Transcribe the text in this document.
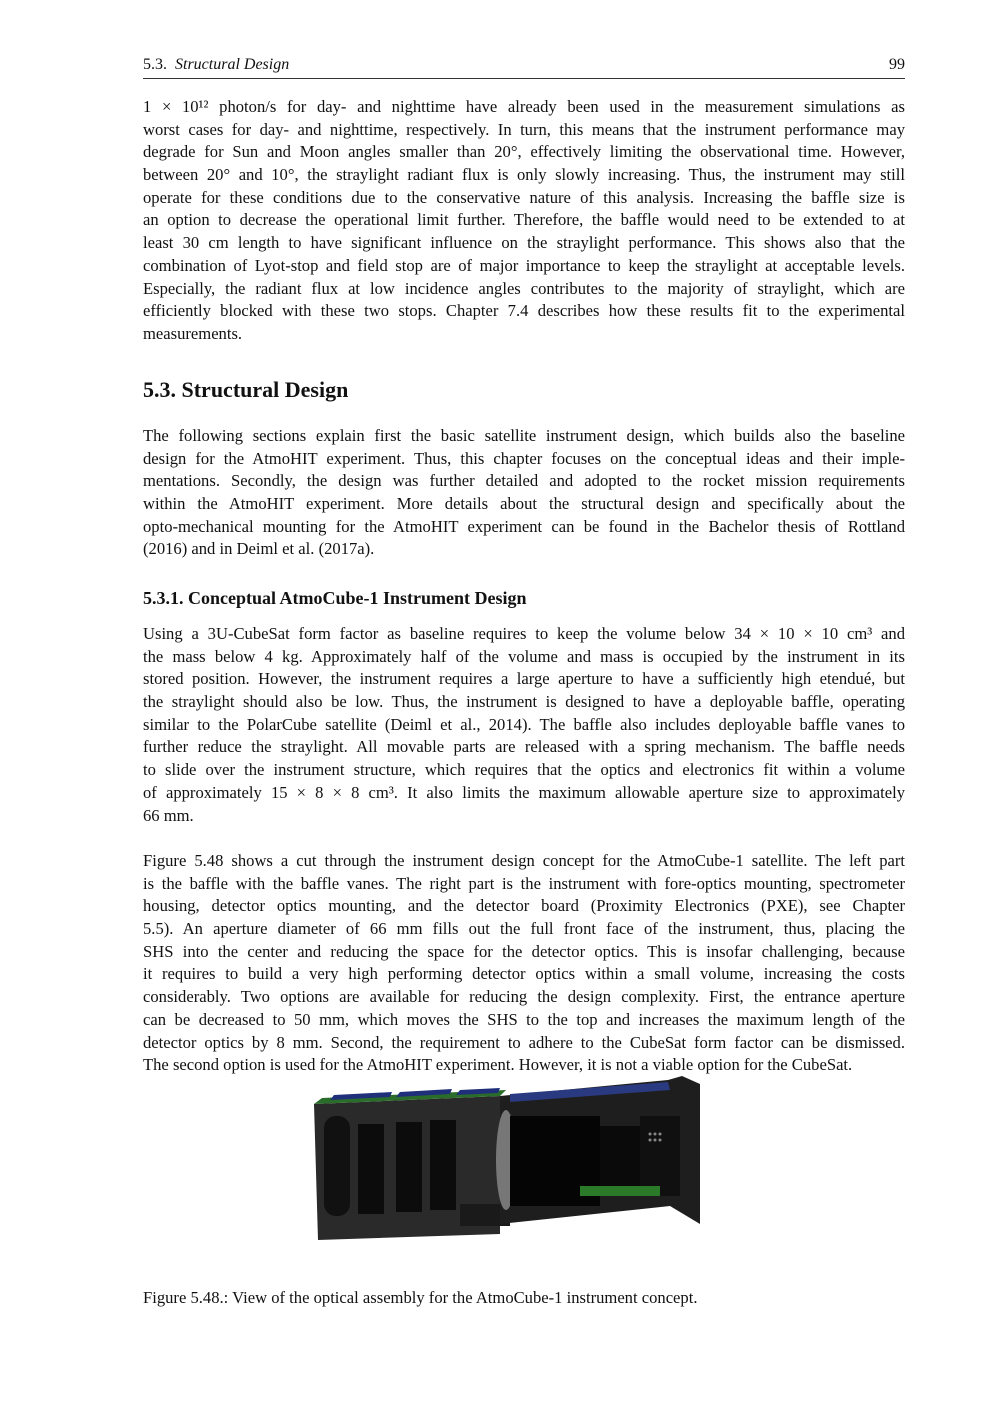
5.3. Structural Design	99
1 × 10¹² photon/s for day- and nighttime have already been used in the measurement simulations as
worst cases for day- and nighttime, respectively. In turn, this means that the instrument performance may
degrade for Sun and Moon angles smaller than 20°, effectively limiting the observational time. However,
between 20° and 10°, the straylight radiant flux is only slowly increasing. Thus, the instrument may still
operate for these conditions due to the conservative nature of this analysis. Increasing the baffle size is
an option to decrease the operational limit further. Therefore, the baffle would need to be extended to at
least 30 cm length to have significant influence on the straylight performance. This shows also that the
combination of Lyot-stop and field stop are of major importance to keep the straylight at acceptable levels.
Especially, the radiant flux at low incidence angles contributes to the majority of straylight, which are
efficiently blocked with these two stops. Chapter 7.4 describes how these results fit to the experimental
measurements.
5.3. Structural Design
The following sections explain first the basic satellite instrument design, which builds also the baseline
design for the AtmoHIT experiment. Thus, this chapter focuses on the conceptual ideas and their imple-
mentations. Secondly, the design was further detailed and adopted to the rocket mission requirements
within the AtmoHIT experiment. More details about the structural design and specifically about the
opto-mechanical mounting for the AtmoHIT experiment can be found in the Bachelor thesis of Rottland
(2016) and in Deiml et al. (2017a).
5.3.1. Conceptual AtmoCube-1 Instrument Design
Using a 3U-CubeSat form factor as baseline requires to keep the volume below 34 × 10 × 10 cm³ and
the mass below 4 kg. Approximately half of the volume and mass is occupied by the instrument in its
stored position. However, the instrument requires a large aperture to have a sufficiently high etendué, but
the straylight should also be low. Thus, the instrument is designed to have a deployable baffle, operating
similar to the PolarCube satellite (Deiml et al., 2014). The baffle also includes deployable baffle vanes to
further reduce the straylight. All movable parts are released with a spring mechanism. The baffle needs
to slide over the instrument structure, which requires that the optics and electronics fit within a volume
of approximately 15 × 8 × 8 cm³. It also limits the maximum allowable aperture size to approximately
66 mm.
Figure 5.48 shows a cut through the instrument design concept for the AtmoCube-1 satellite. The left part
is the baffle with the baffle vanes. The right part is the instrument with fore-optics mounting, spectrometer
housing, detector optics mounting, and the detector board (Proximity Electronics (PXE), see Chapter
5.5). An aperture diameter of 66 mm fills out the full front face of the instrument, thus, placing the
SHS into the center and reducing the space for the detector optics. This is insofar challenging, because
it requires to build a very high performing detector optics within a small volume, increasing the costs
considerably. Two options are available for reducing the design complexity. First, the entrance aperture
can be decreased to 50 mm, which moves the SHS to the top and increases the maximum length of the
detector optics by 8 mm. Second, the requirement to adhere to the CubeSat form factor can be dismissed.
The second option is used for the AtmoHIT experiment. However, it is not a viable option for the CubeSat.
Figure 5.48.: View of the optical assembly for the AtmoCube-1 instrument concept.
